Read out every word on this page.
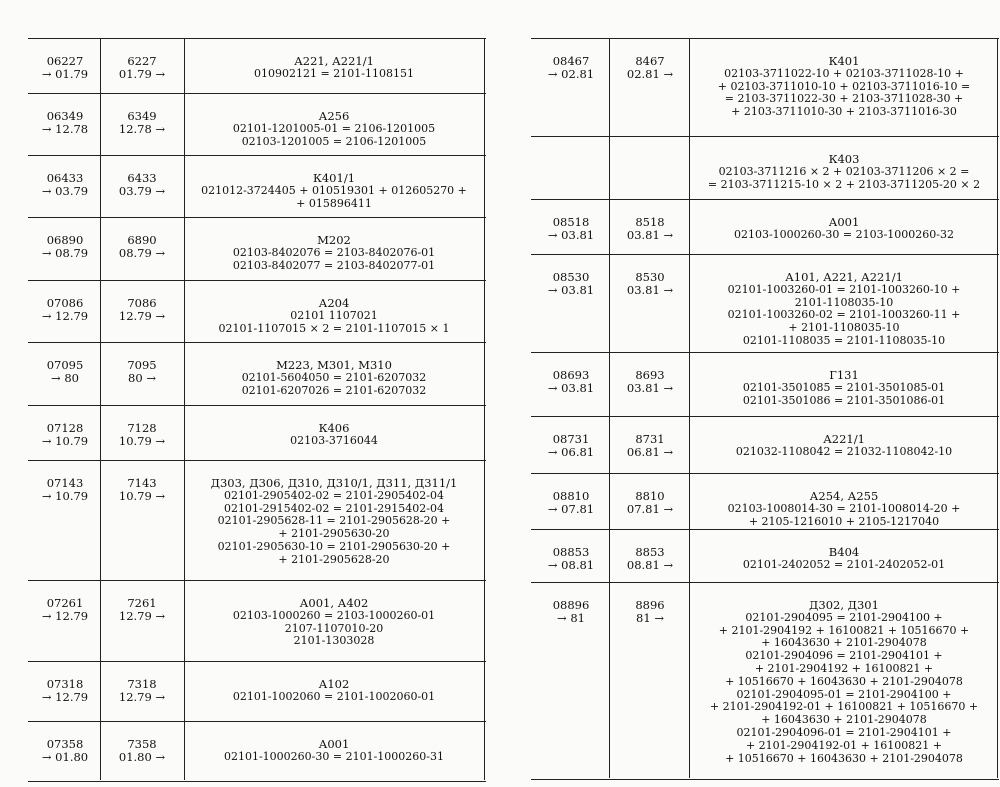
06227
→ 01.79
6227
01.79 →
А221, А221/1
010902121 = 2101-1108151
06349
→ 12.78
6349
12.78 →
А256
02101-1201005-01 = 2106-1201005
02103-1201005 = 2106-1201005
06433
→ 03.79
6433
03.79 →
К401/1
021012-3724405 + 010519301 + 012605270 +
+ 015896411
06890
→ 08.79
6890
08.79 →
М202
02103-8402076 = 2103-8402076-01
02103-8402077 = 2103-8402077-01
07086
→ 12.79
7086
12.79 →
А204
02101 1107021
02101-1107015 × 2 = 2101-1107015 × 1
07095
→ 80
7095
80 →
М223, М301, М310
02101-5604050 = 2101-6207032
02101-6207026 = 2101-6207032
07128
→ 10.79
7128
10.79 →
К406
02103-3716044
07143
→ 10.79
7143
10.79 →
Д303, Д306, Д310, Д310/1, Д311, Д311/1
02101-2905402-02 = 2101-2905402-04
02101-2915402-02 = 2101-2915402-04
02101-2905628-11 = 2101-2905628-20 +
+ 2101-2905630-20
02101-2905630-10 = 2101-2905630-20 +
+ 2101-2905628-20
07261
→ 12.79
7261
12.79 →
А001, А402
02103-1000260 = 2103-1000260-01
2107-1107010-20
2101-1303028
07318
→ 12.79
7318
12.79 →
А102
02101-1002060 = 2101-1002060-01
07358
→ 01.80
7358
01.80 →
А001
02101-1000260-30 = 2101-1000260-31
08467
→ 02.81
8467
02.81 →
К401
02103-3711022-10 + 02103-3711028-10 +
+ 02103-3711010-10 + 02103-3711016-10 =
= 2103-3711022-30 + 2103-3711028-30 +
+ 2103-3711010-30 + 2103-3711016-30
К403
02103-3711216 × 2 + 02103-3711206 × 2 =
= 2103-3711215-10 × 2 + 2103-3711205-20 × 2
08518
→ 03.81
8518
03.81 →
А001
02103-1000260-30 = 2103-1000260-32
08530
→ 03.81
8530
03.81 →
А101, А221, А221/1
02101-1003260-01 = 2101-1003260-10 +
2101-1108035-10
02101-1003260-02 = 2101-1003260-11 +
+ 2101-1108035-10
02101-1108035 = 2101-1108035-10
08693
→ 03.81
8693
03.81 →
Г131
02101-3501085 = 2101-3501085-01
02101-3501086 = 2101-3501086-01
08731
→ 06.81
8731
06.81 →
А221/1
021032-1108042 = 21032-1108042-10
08810
→ 07.81
8810
07.81 →
А254, А255
02103-1008014-30 = 2101-1008014-20 +
+ 2105-1216010 + 2105-1217040
08853
→ 08.81
8853
08.81 →
В404
02101-2402052 = 2101-2402052-01
08896
→ 81
8896
81 →
Д302, Д301
02101-2904095 = 2101-2904100 +
+ 2101-2904192 + 16100821 + 10516670 +
+ 16043630 + 2101-2904078
02101-2904096 = 2101-2904101 +
+ 2101-2904192 + 16100821 +
+ 10516670 + 16043630 + 2101-2904078
02101-2904095-01 = 2101-2904100 +
+ 2101-2904192-01 + 16100821 + 10516670 +
+ 16043630 + 2101-2904078
02101-2904096-01 = 2101-2904101 +
+ 2101-2904192-01 + 16100821 +
+ 10516670 + 16043630 + 2101-2904078
